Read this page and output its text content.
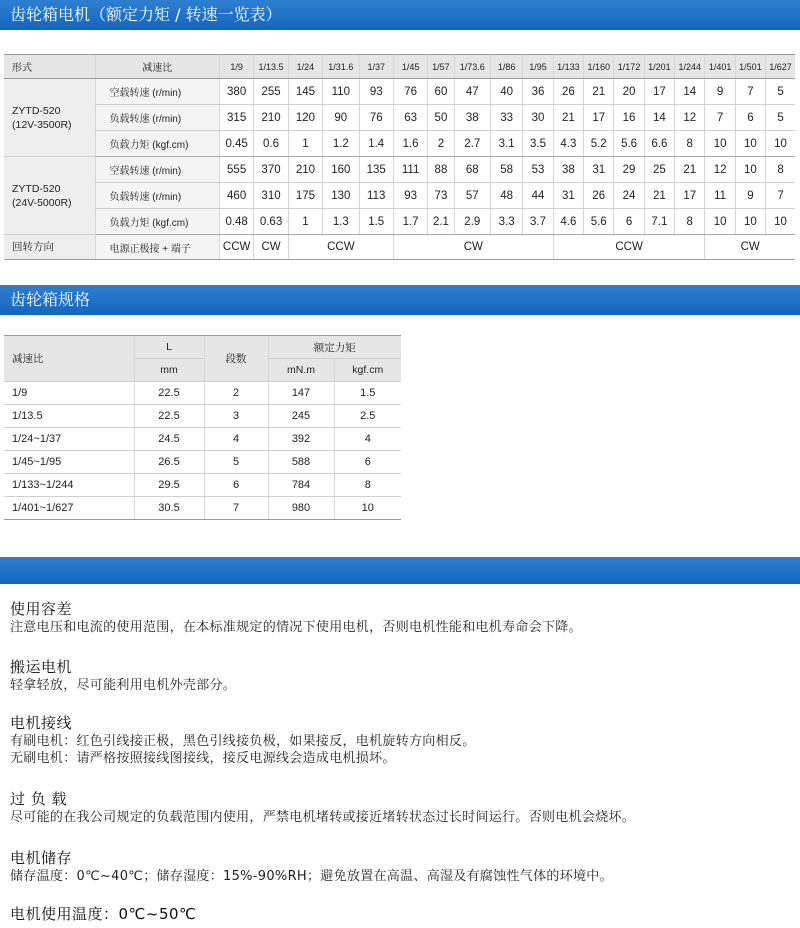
齿轮箱电机（额定力矩 / 转速一览表）
形式	减速比	1/9	1/13.5	1/24	1/31.6	1/37	1/45	1/57	1/73.6	1/86	1/95	1/133	1/160	1/172	1/201	1/244	1/401	1/501	1/627
ZYTD-520
(12V-3500R)	空载转速 (r/min)	380	255	145	110	93	76	60	47	40	36	26	21	20	17	14	9	7	5
	负载转速 (r/min)	315	210	120	90	76	63	50	38	33	30	21	17	16	14	12	7	6	5
	负载力矩 (kgf.cm)	0.45	0.6	1	1.2	1.4	1.6	2	2.7	3.1	3.5	4.3	5.2	5.6	6.6	8	10	10	10
ZYTD-520
(24V-5000R)	空载转速 (r/min)	555	370	210	160	135	111	88	68	58	53	38	31	29	25	21	12	10	8
	负载转速 (r/min)	460	310	175	130	113	93	73	57	48	44	31	26	24	21	17	11	9	7
	负载力矩 (kgf.cm)	0.48	0.63	1	1.3	1.5	1.7	2.1	2.9	3.3	3.7	4.6	5.6	6	7.1	8	10	10	10
回转方向	电源正极接 + 端子	CCW	CW	CCW			CW					CCW					CW		
齿轮箱规格
减速比	L	段数	额定力矩	
	mm		mN.m	kgf.cm
1/9	22.5	2	147	1.5
1/13.5	22.5	3	245	2.5
1/24~1/37	24.5	4	392	4
1/45~1/95	26.5	5	588	6
1/133~1/244	29.5	6	784	8
1/401~1/627	30.5	7	980	10
使用容差

注意电压和电流的使用范围，在本标准规定的情况下使用电机，否则电机性能和电机寿命会下降。

搬运电机

轻拿轻放，尽可能利用电机外壳部分。

电机接线

有刷电机：红色引线接正极，黑色引线接负极，如果接反，电机旋转方向相反。

无刷电机：请严格按照接线图接线，接反电源线会造成电机损坏。

过 负 载

尽可能的在我公司规定的负载范围内使用，严禁电机堵转或接近堵转状态过长时间运行。否则电机会烧坏。

电机储存

储存温度：0℃~40℃；储存湿度：15%-90%RH；避免放置在高温、高湿及有腐蚀性气体的环境中。

电机使用温度：0℃~50℃
